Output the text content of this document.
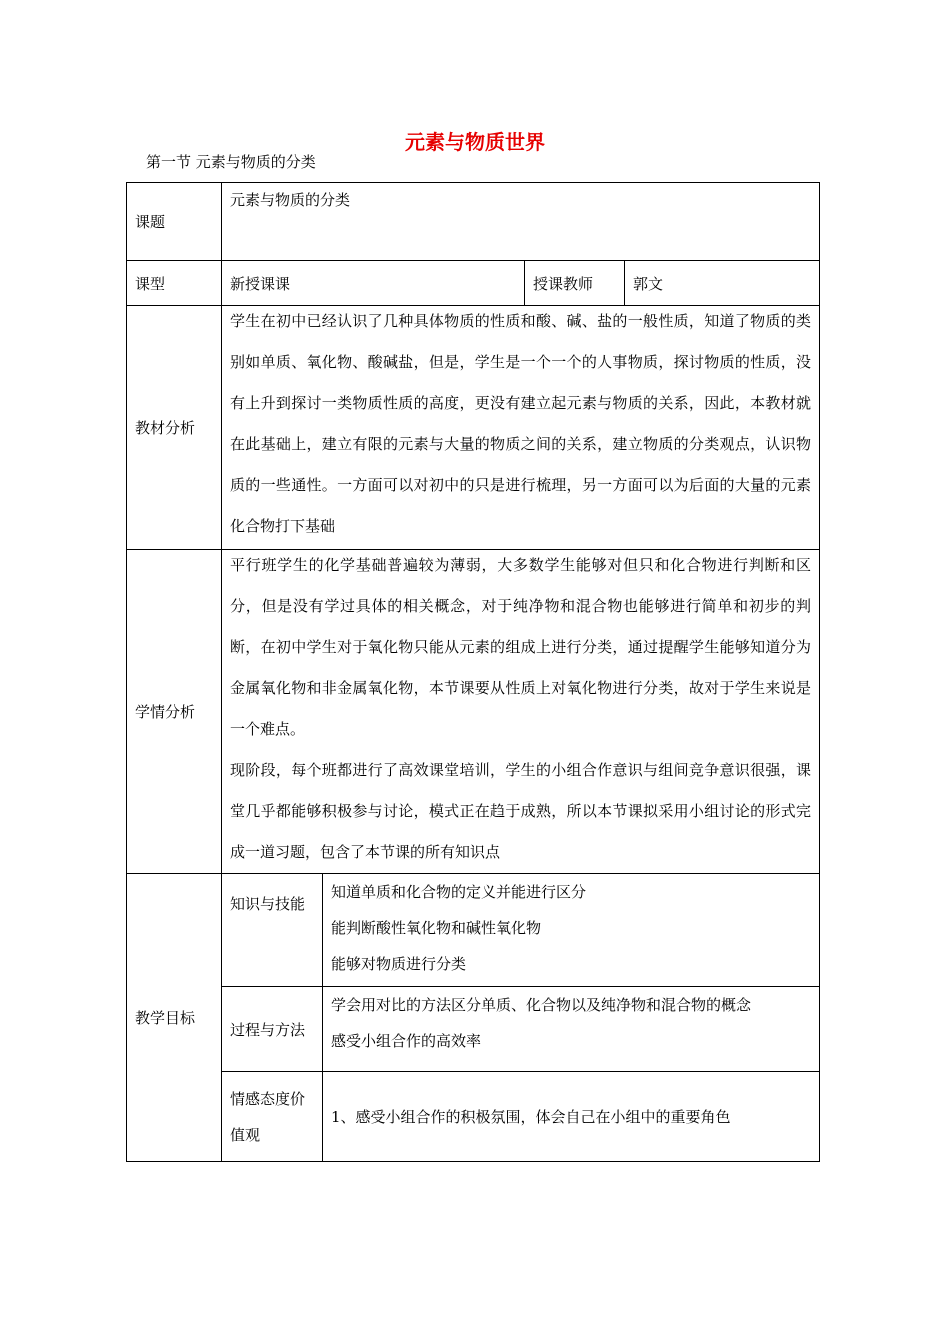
元素与物质世界
第一节 元素与物质的分类
课题	元素与物质的分类			
课型	新授课课		授课教师	郭文
教材分析	学生在初中已经认识了几种具体物质的性质和酸、碱、盐的一般性质，知道了物质的类别如单质、氧化物、酸碱盐，但是，学生是一个一个的人事物质，探讨物质的性质，没有上升到探讨一类物质性质的高度，更没有建立起元素与物质的关系，因此，本教材就在此基础上，建立有限的元素与大量的物质之间的关系，建立物质的分类观点，认识物质的一些通性。一方面可以对初中的只是进行梳理，另一方面可以为后面的大量的元素化合物打下基础			

学情分析	平行班学生的化学基础普遍较为薄弱，大多数学生能够对但只和化合物进行判断和区分，但是没有学过具体的相关概念，对于纯净物和混合物也能够进行简单和初步的判断，在初中学生对于氧化物只能从元素的组成上进行分类，通过提醒学生能够知道分为金属氧化物和非金属氧化物，本节课要从性质上对氧化物进行分类，故对于学生来说是一个难点。

现阶段，每个班都进行了高效课堂培训，学生的小组合作意识与组间竞争意识很强，课堂几乎都能够积极参与讨论，模式正在趋于成熟，所以本节课拟采用小组讨论的形式完成一道习题，包含了本节课的所有知识点			

教学目标	知识与技能	知道单质和化合物的定义并能进行区分

能判断酸性氧化物和碱性氧化物

能够对物质进行分类		

	过程与方法	学会用对比的方法区分单质、化合物以及纯净物和混合物的概念

感受小组合作的高效率		

	情感态度价值观	1、感受小组合作的积极氛围，体会自己在小组中的重要角色		
